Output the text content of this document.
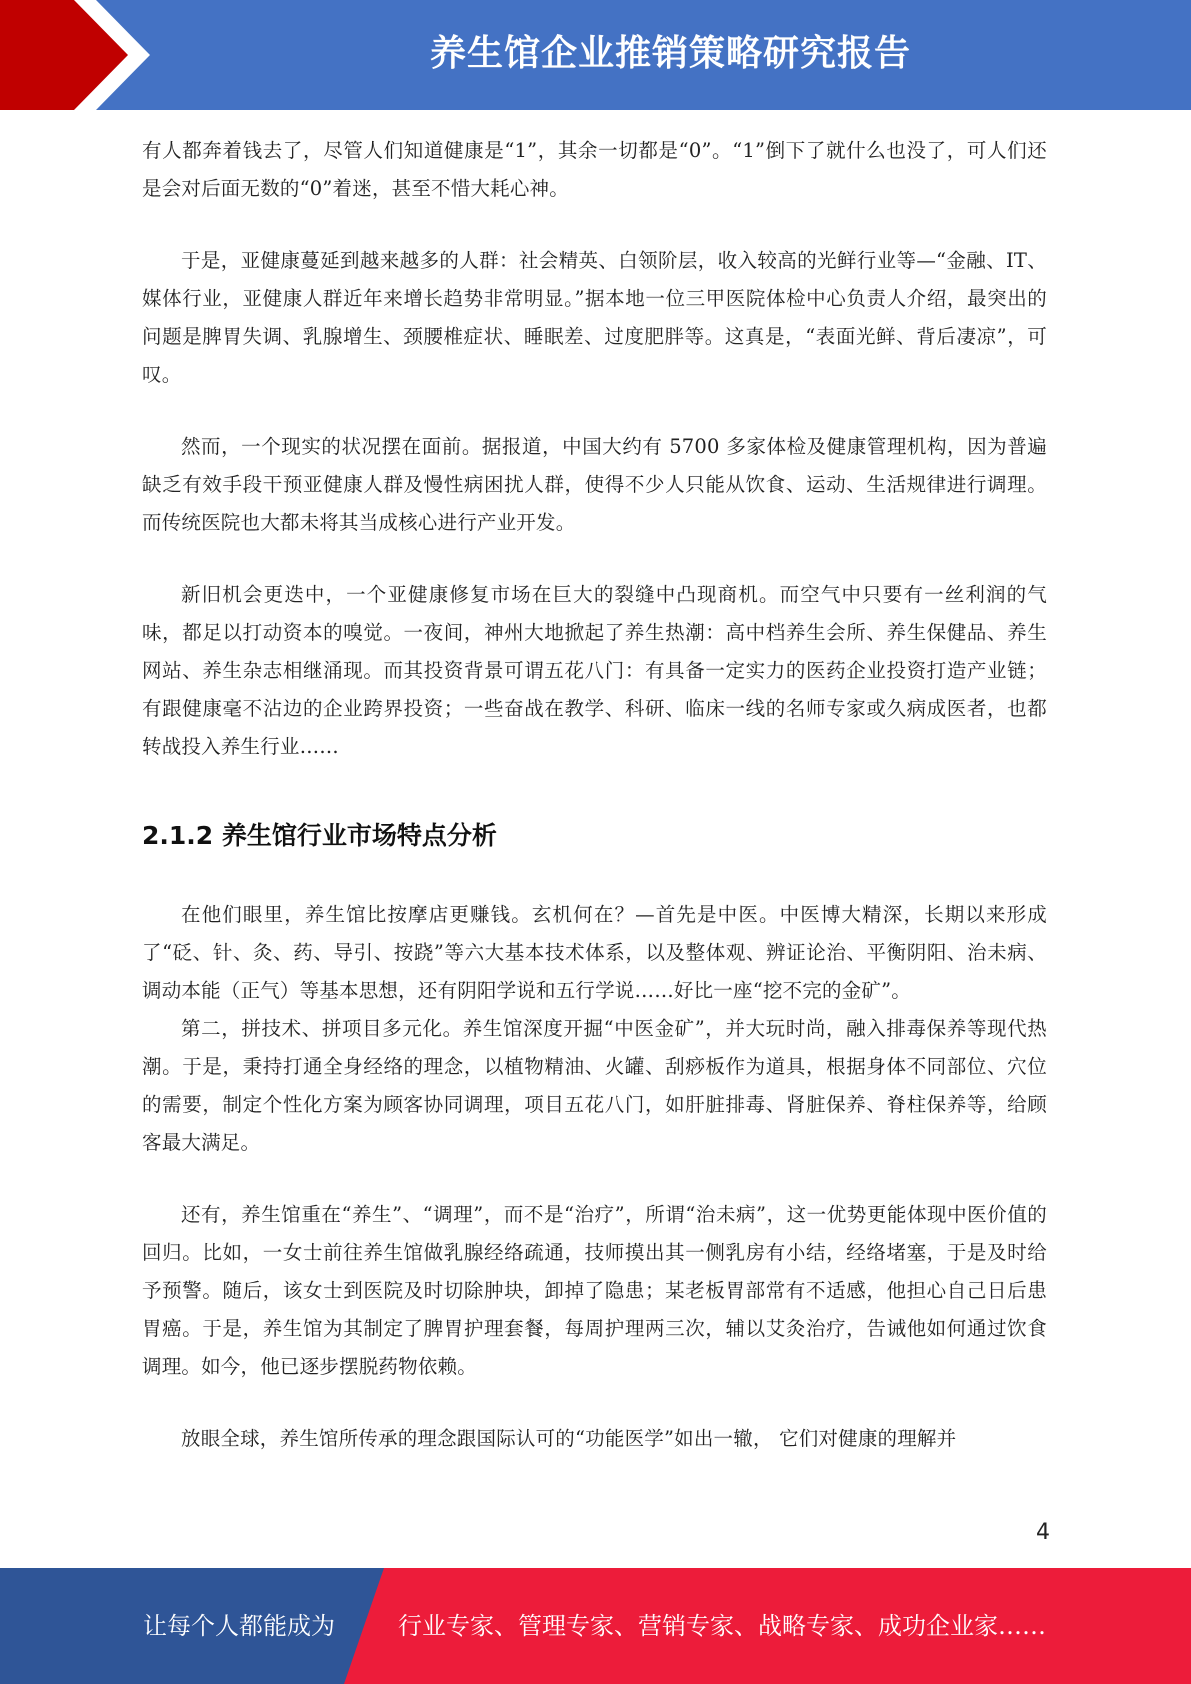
养生馆企业推销策略研究报告

有人都奔着钱去了，尽管人们知道健康是“1”，其余一切都是“0”。“1”倒下了就什么也没了，可人们还是会对后面无数的“0”着迷，甚至不惜大耗心神。

于是，亚健康蔓延到越来越多的人群：社会精英、白领阶层，收入较高的光鲜行业等—“金融、IT、媒体行业，亚健康人群近年来增长趋势非常明显。”据本地一位三甲医院体检中心负责人介绍，最突出的问题是脾胃失调、乳腺增生、颈腰椎症状、睡眠差、过度肥胖等。这真是，“表面光鲜、背后凄凉”，可叹。

然而，一个现实的状况摆在面前。据报道，中国大约有 5700 多家体检及健康管理机构，因为普遍缺乏有效手段干预亚健康人群及慢性病困扰人群，使得不少人只能从饮食、运动、生活规律进行调理。而传统医院也大都未将其当成核心进行产业开发。

新旧机会更迭中，一个亚健康修复市场在巨大的裂缝中凸现商机。而空气中只要有一丝利润的气味，都足以打动资本的嗅觉。一夜间，神州大地掀起了养生热潮：高中档养生会所、养生保健品、养生网站、养生杂志相继涌现。而其投资背景可谓五花八门：有具备一定实力的医药企业投资打造产业链；有跟健康毫不沾边的企业跨界投资；一些奋战在教学、科研、临床一线的名师专家或久病成医者，也都转战投入养生行业……

2.1.2 养生馆行业市场特点分析

在他们眼里，养生馆比按摩店更赚钱。玄机何在？—首先是中医。中医博大精深，长期以来形成了“砭、针、灸、药、导引、按跷”等六大基本技术体系，以及整体观、辨证论治、平衡阴阳、治未病、调动本能（正气）等基本思想，还有阴阳学说和五行学说……好比一座“挖不完的金矿”。

第二，拼技术、拼项目多元化。养生馆深度开掘“中医金矿”，并大玩时尚，融入排毒保养等现代热潮。于是，秉持打通全身经络的理念，以植物精油、火罐、刮痧板作为道具，根据身体不同部位、穴位的需要，制定个性化方案为顾客协同调理，项目五花八门，如肝脏排毒、肾脏保养、脊柱保养等，给顾客最大满足。

还有，养生馆重在“养生”、“调理”，而不是“治疗”，所谓“治未病”，这一优势更能体现中医价值的回归。比如，一女士前往养生馆做乳腺经络疏通，技师摸出其一侧乳房有小结，经络堵塞，于是及时给予预警。随后，该女士到医院及时切除肿块，卸掉了隐患；某老板胃部常有不适感，他担心自己日后患胃癌。于是，养生馆为其制定了脾胃护理套餐，每周护理两三次，辅以艾灸治疗，告诫他如何通过饮食调理。如今，他已逐步摆脱药物依赖。

放眼全球，养生馆所传承的理念跟国际认可的“功能医学”如出一辙， 它们对健康的理解并

4
让每个人都能成为	行业专家、管理专家、营销专家、战略专家、成功企业家……
